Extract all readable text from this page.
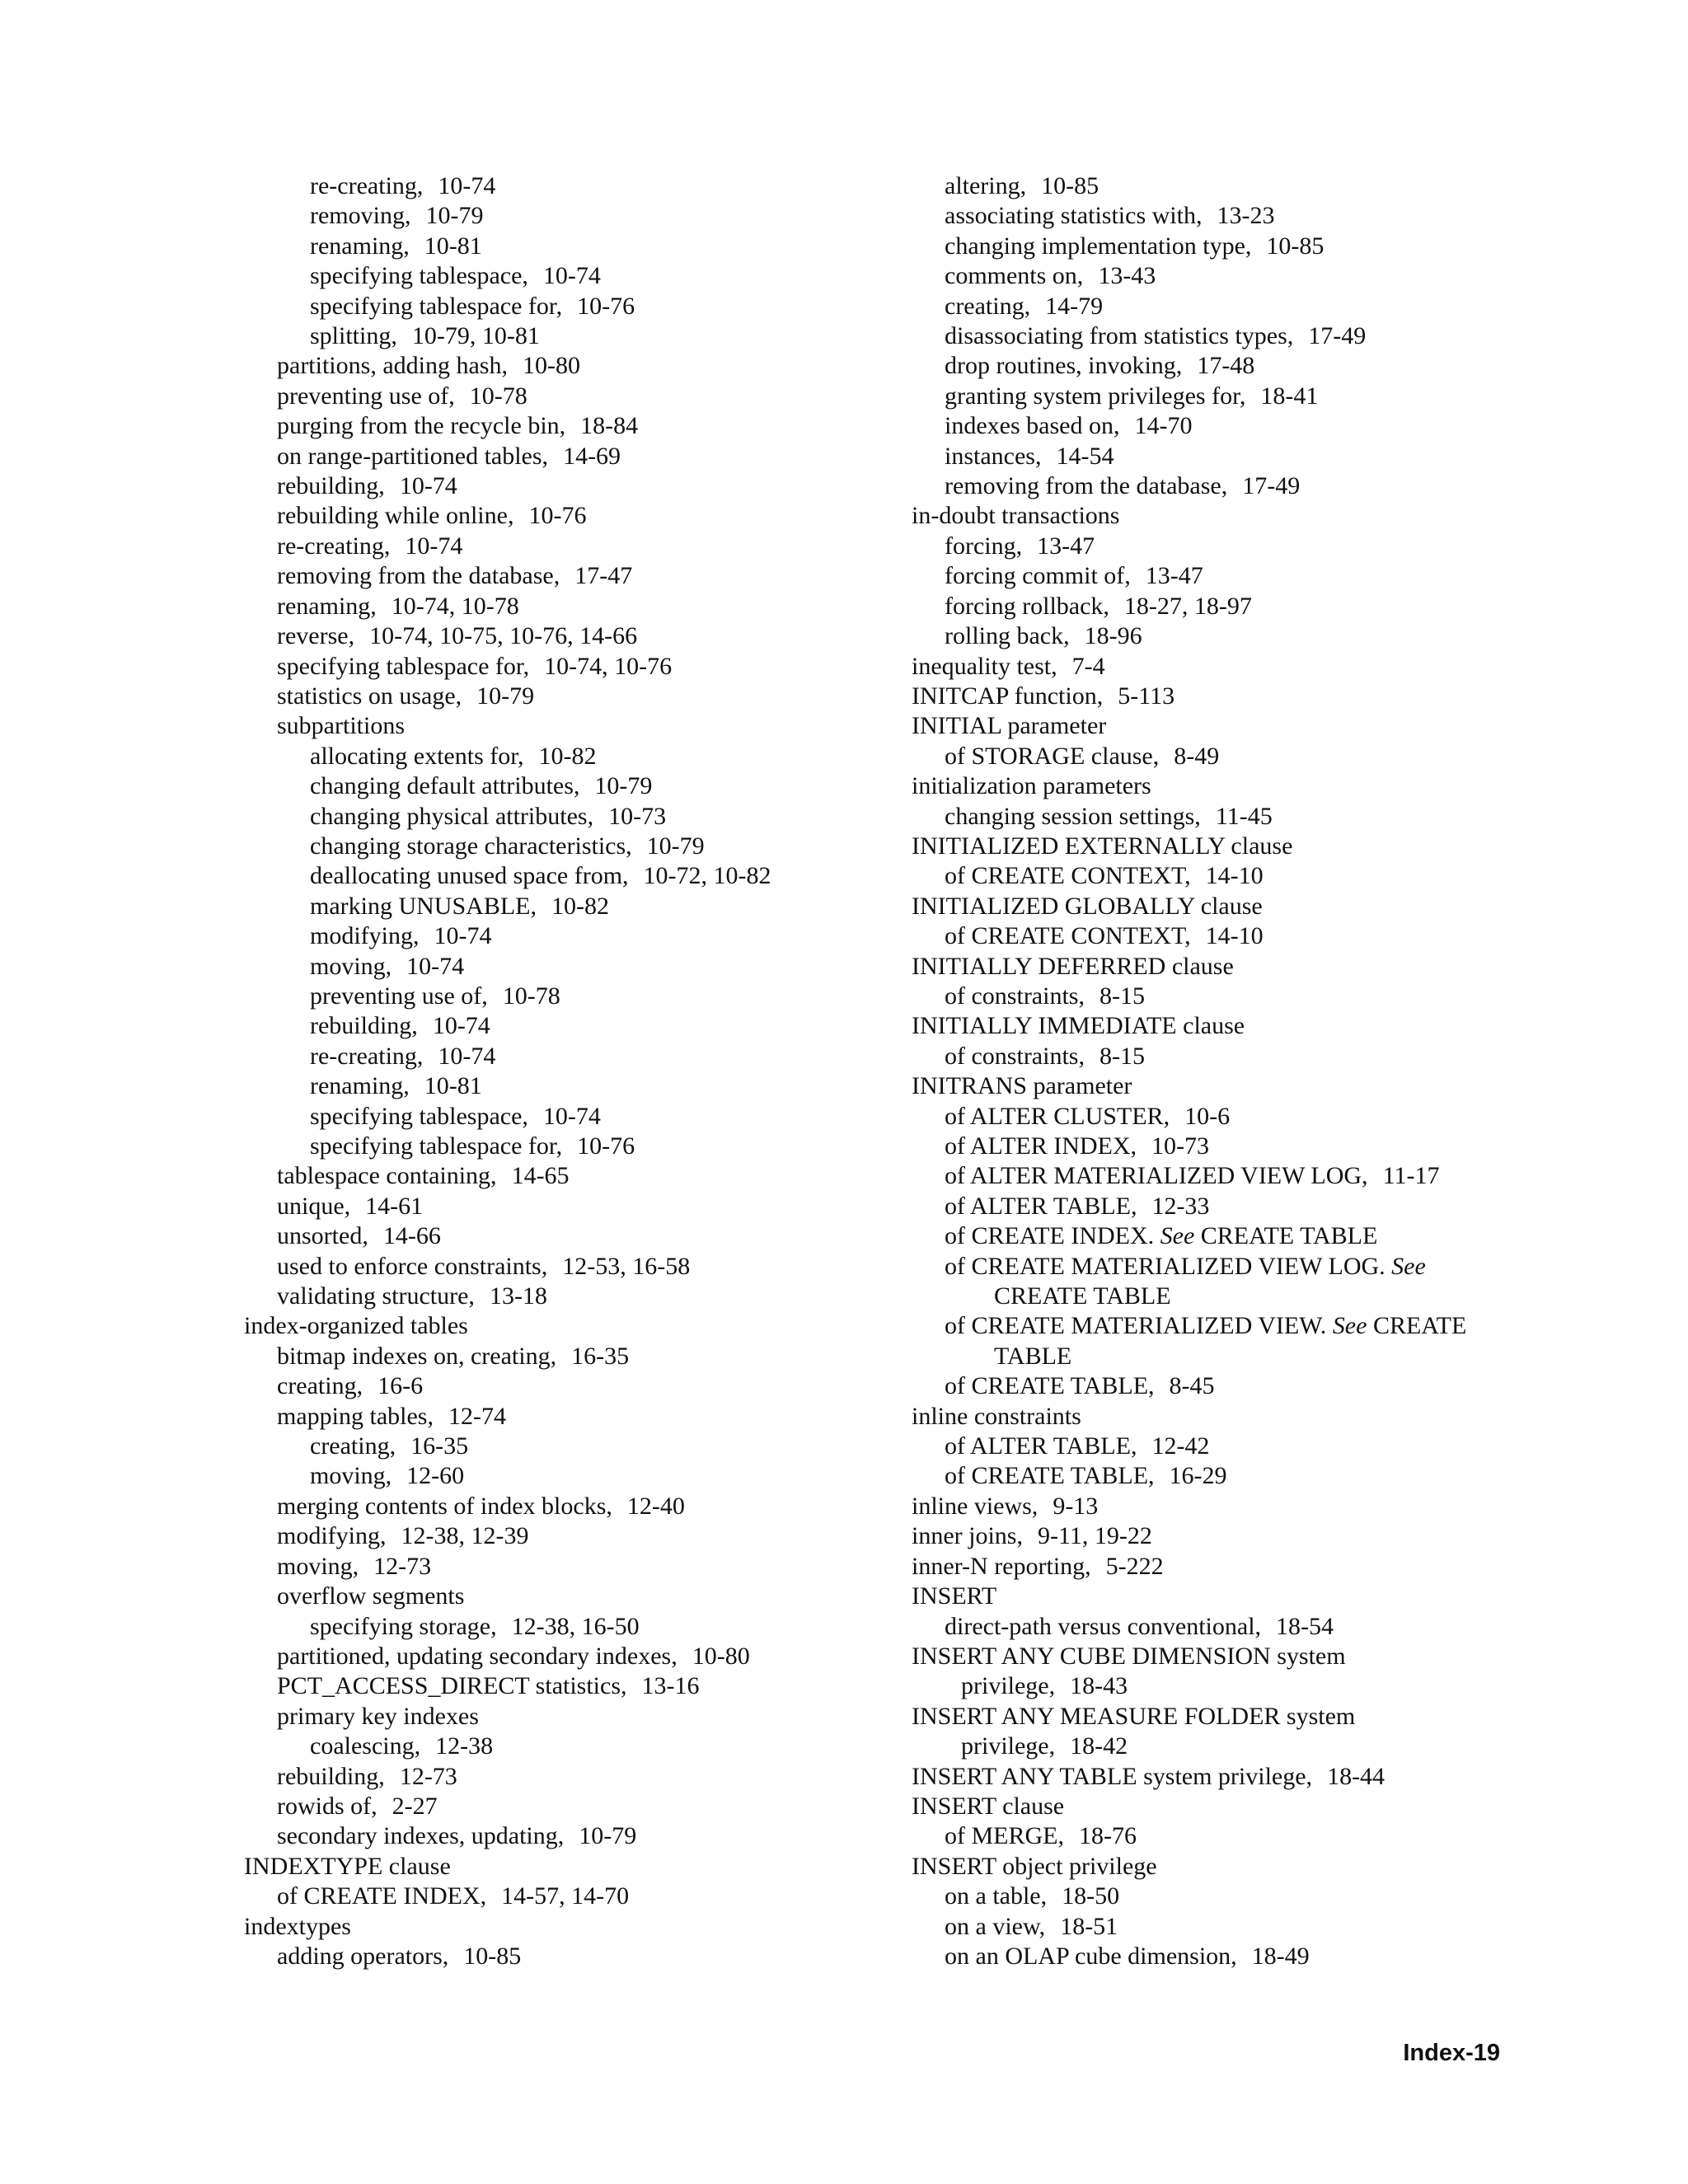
re-creating, 10-74
removing, 10-79
renaming, 10-81
specifying tablespace, 10-74
specifying tablespace for, 10-76
splitting, 10-79, 10-81
partitions, adding hash, 10-80
preventing use of, 10-78
purging from the recycle bin, 18-84
on range-partitioned tables, 14-69
rebuilding, 10-74
rebuilding while online, 10-76
re-creating, 10-74
removing from the database, 17-47
renaming, 10-74, 10-78
reverse, 10-74, 10-75, 10-76, 14-66
specifying tablespace for, 10-74, 10-76
statistics on usage, 10-79
subpartitions
allocating extents for, 10-82
changing default attributes, 10-79
changing physical attributes, 10-73
changing storage characteristics, 10-79
deallocating unused space from, 10-72, 10-82
marking UNUSABLE, 10-82
modifying, 10-74
moving, 10-74
preventing use of, 10-78
rebuilding, 10-74
re-creating, 10-74
renaming, 10-81
specifying tablespace, 10-74
specifying tablespace for, 10-76
tablespace containing, 14-65
unique, 14-61
unsorted, 14-66
used to enforce constraints, 12-53, 16-58
validating structure, 13-18
index-organized tables
bitmap indexes on, creating, 16-35
creating, 16-6
mapping tables, 12-74
creating, 16-35
moving, 12-60
merging contents of index blocks, 12-40
modifying, 12-38, 12-39
moving, 12-73
overflow segments
specifying storage, 12-38, 16-50
partitioned, updating secondary indexes, 10-80
PCT_ACCESS_DIRECT statistics, 13-16
primary key indexes
coalescing, 12-38
rebuilding, 12-73
rowids of, 2-27
secondary indexes, updating, 10-79
INDEXTYPE clause
of CREATE INDEX, 14-57, 14-70
indextypes
adding operators, 10-85
altering, 10-85
associating statistics with, 13-23
changing implementation type, 10-85
comments on, 13-43
creating, 14-79
disassociating from statistics types, 17-49
drop routines, invoking, 17-48
granting system privileges for, 18-41
indexes based on, 14-70
instances, 14-54
removing from the database, 17-49
in-doubt transactions
forcing, 13-47
forcing commit of, 13-47
forcing rollback, 18-27, 18-97
rolling back, 18-96
inequality test, 7-4
INITCAP function, 5-113
INITIAL parameter
of STORAGE clause, 8-49
initialization parameters
changing session settings, 11-45
INITIALIZED EXTERNALLY clause
of CREATE CONTEXT, 14-10
INITIALIZED GLOBALLY clause
of CREATE CONTEXT, 14-10
INITIALLY DEFERRED clause
of constraints, 8-15
INITIALLY IMMEDIATE clause
of constraints, 8-15
INITRANS parameter
of ALTER CLUSTER, 10-6
of ALTER INDEX, 10-73
of ALTER MATERIALIZED VIEW LOG, 11-17
of ALTER TABLE, 12-33
of CREATE INDEX. See CREATE TABLE
of CREATE MATERIALIZED VIEW LOG. See
CREATE TABLE
of CREATE MATERIALIZED VIEW. See CREATE
TABLE
of CREATE TABLE, 8-45
inline constraints
of ALTER TABLE, 12-42
of CREATE TABLE, 16-29
inline views, 9-13
inner joins, 9-11, 19-22
inner-N reporting, 5-222
INSERT
direct-path versus conventional, 18-54
INSERT ANY CUBE DIMENSION system
privilege, 18-43
INSERT ANY MEASURE FOLDER system
privilege, 18-42
INSERT ANY TABLE system privilege, 18-44
INSERT clause
of MERGE, 18-76
INSERT object privilege
on a table, 18-50
on a view, 18-51
on an OLAP cube dimension, 18-49
Index-19
